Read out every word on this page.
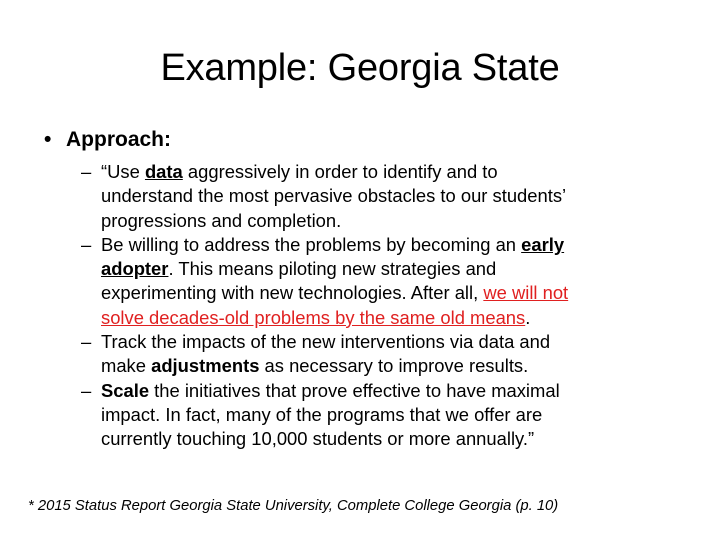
Example: Georgia State
• Approach:
– “Use data aggressively in order to identify and to
understand the most pervasive obstacles to our students’
progressions and completion.
– Be willing to address the problems by becoming an early
adopter. This means piloting new strategies and
experimenting with new technologies. After all, we will not
solve decades-old problems by the same old means.
– Track the impacts of the new interventions via data and
make adjustments as necessary to improve results.
– Scale the initiatives that prove effective to have maximal
impact. In fact, many of the programs that we offer are
currently touching 10,000 students or more annually.”
* 2015 Status Report Georgia State University, Complete College Georgia (p. 10)
